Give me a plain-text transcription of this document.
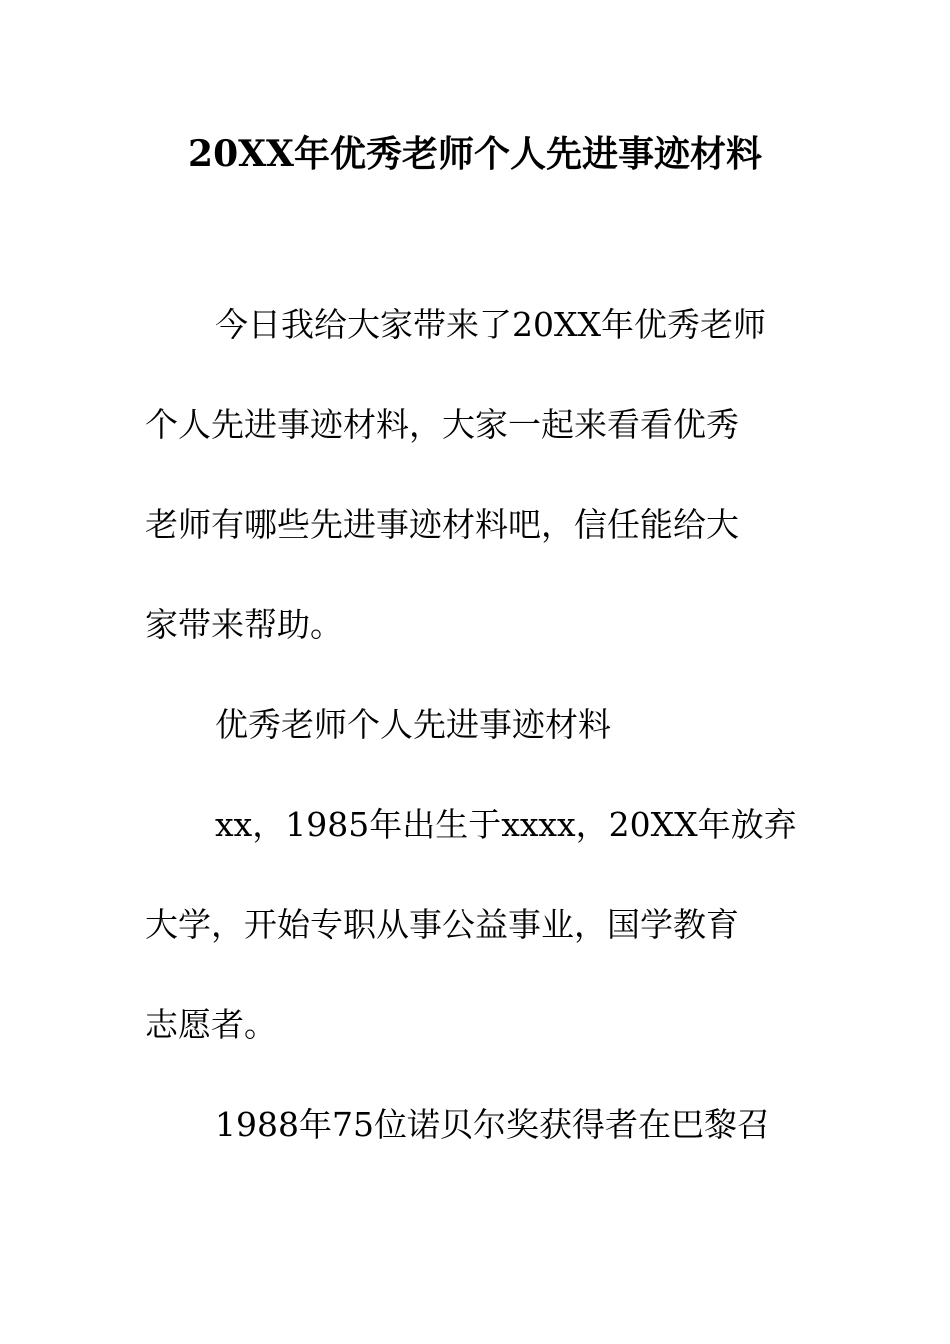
20XX年优秀老师个人先进事迹材料
今日我给大家带来了20XX年优秀老师
个人先进事迹材料，大家一起来看看优秀
老师有哪些先进事迹材料吧，信任能给大
家带来帮助。
优秀老师个人先进事迹材料
xx，1985年出生于xxxx，20XX年放弃
大学，开始专职从事公益事业，国学教育
志愿者。
1988年75位诺贝尔奖获得者在巴黎召
